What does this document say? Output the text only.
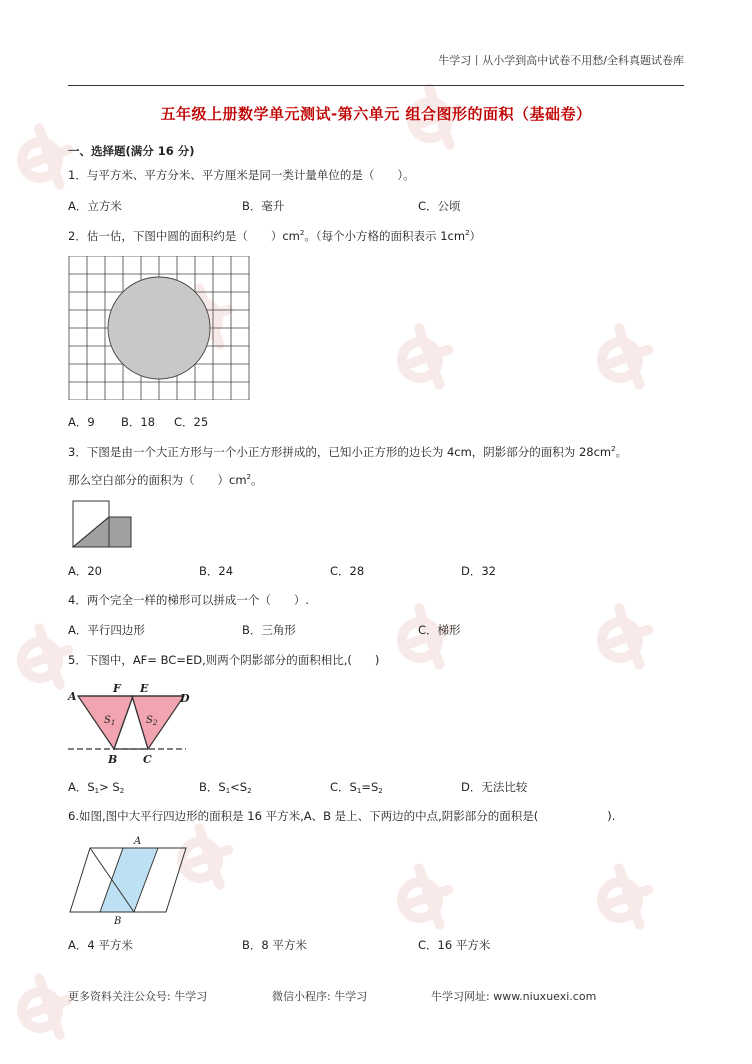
牛学习丨从小学到高中试卷不用愁/全科真题试卷库
五年级上册数学单元测试-第六单元 组合图形的面积（基础卷）
一、选择题(满分 16 分)
1．与平方米、平方分米、平方厘米是同一类计量单位的是（　　）。
A．立方米	B．毫升	C．公顷
2．估一估，下图中圆的面积约是（　　）$cm^2$。（每个小方格的面积表示 $1cm^2$）
A．9 B．18 C．25
3．下图是由一个大正方形与一个小正方形拼成的，已知小正方形的边长为 4cm，阴影部分的面积为 $28cm^2$。
那么空白部分的面积为（　　）$cm^2$。
A．20	B．24	C．28	D．32
4．两个完全一样的梯形可以拼成一个（　　）.
A．平行四边形	B．三角形	C．梯形
5．下图中，AF= BC=ED,则两个阴影部分的面积相比,(　　)
A
F E
D
B C
$S_1$	$S_2$
A．$S_1> S_2$	B．$S_1<S_2$	C．$S_1=S_2$	D．无法比较
6.如图,图中大平行四边形的面积是 16 平方米,A、B 是上、下两边的中点,阴影部分的面积是(　　　　　　).
A
B
A．4 平方米	B．8 平方米	C．16 平方米
更多资料关注公众号: 牛学习	微信小程序: 牛学习	牛学习网址: www.niuxuexi.com
